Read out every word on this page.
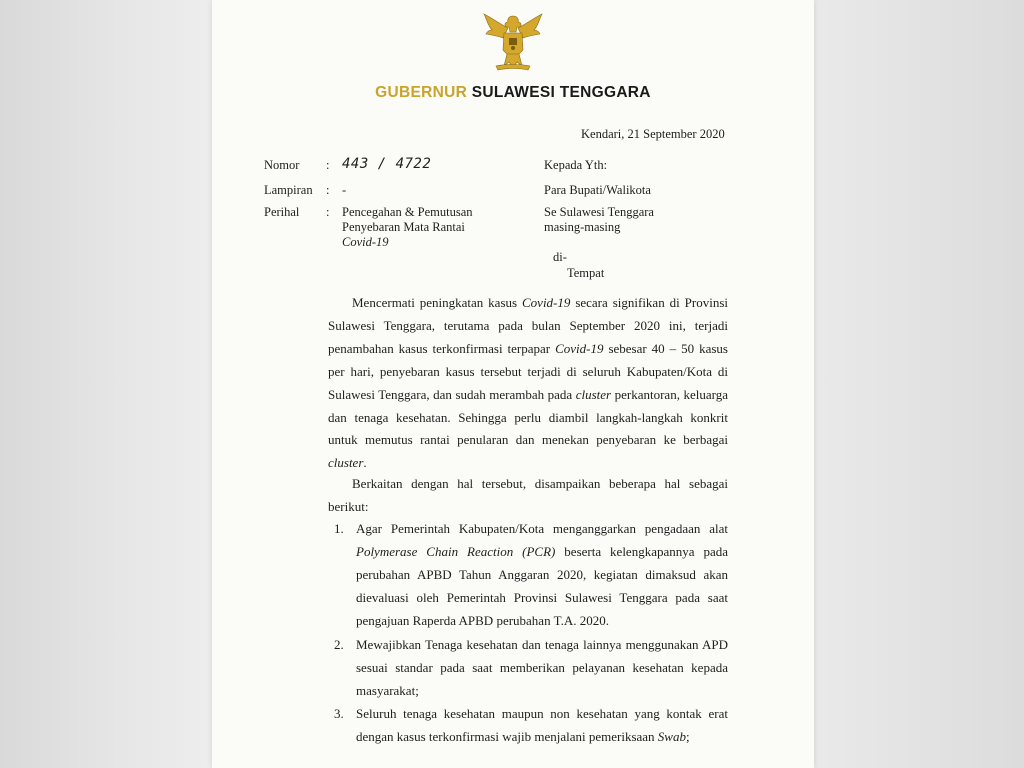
GUBERNUR SULAWESI TENGGARA
Kendari, 21 September 2020
Nomor : 443 / 4722
Lampiran : -
Perihal : Pencegahan & Pemutusan
Penyebaran Mata Rantai
Covid-19
Kepada Yth:
Para Bupati/Walikota
Se Sulawesi Tenggara
masing-masing
di-
Tempat
Mencermati peningkatan kasus Covid-19 secara signifikan di Provinsi Sulawesi Tenggara, terutama pada bulan September 2020 ini, terjadi penambahan kasus terkonfirmasi terpapar Covid-19 sebesar 40 – 50 kasus per hari, penyebaran kasus tersebut terjadi di seluruh Kabupaten/Kota di Sulawesi Tenggara, dan sudah merambah pada cluster perkantoran, keluarga dan tenaga kesehatan. Sehingga perlu diambil langkah-langkah konkrit untuk memutus rantai penularan dan menekan penyebaran ke berbagai cluster.
Berkaitan dengan hal tersebut, disampaikan beberapa hal sebagai berikut:
1. Agar Pemerintah Kabupaten/Kota menganggarkan pengadaan alat Polymerase Chain Reaction (PCR) beserta kelengkapannya pada perubahan APBD Tahun Anggaran 2020, kegiatan dimaksud akan dievaluasi oleh Pemerintah Provinsi Sulawesi Tenggara pada saat pengajuan Raperda APBD perubahan T.A. 2020.
2. Mewajibkan Tenaga kesehatan dan tenaga lainnya menggunakan APD sesuai standar pada saat memberikan pelayanan kesehatan kepada masyarakat;
3. Seluruh tenaga kesehatan maupun non kesehatan yang kontak erat dengan kasus terkonfirmasi wajib menjalani pemeriksaan Swab;
